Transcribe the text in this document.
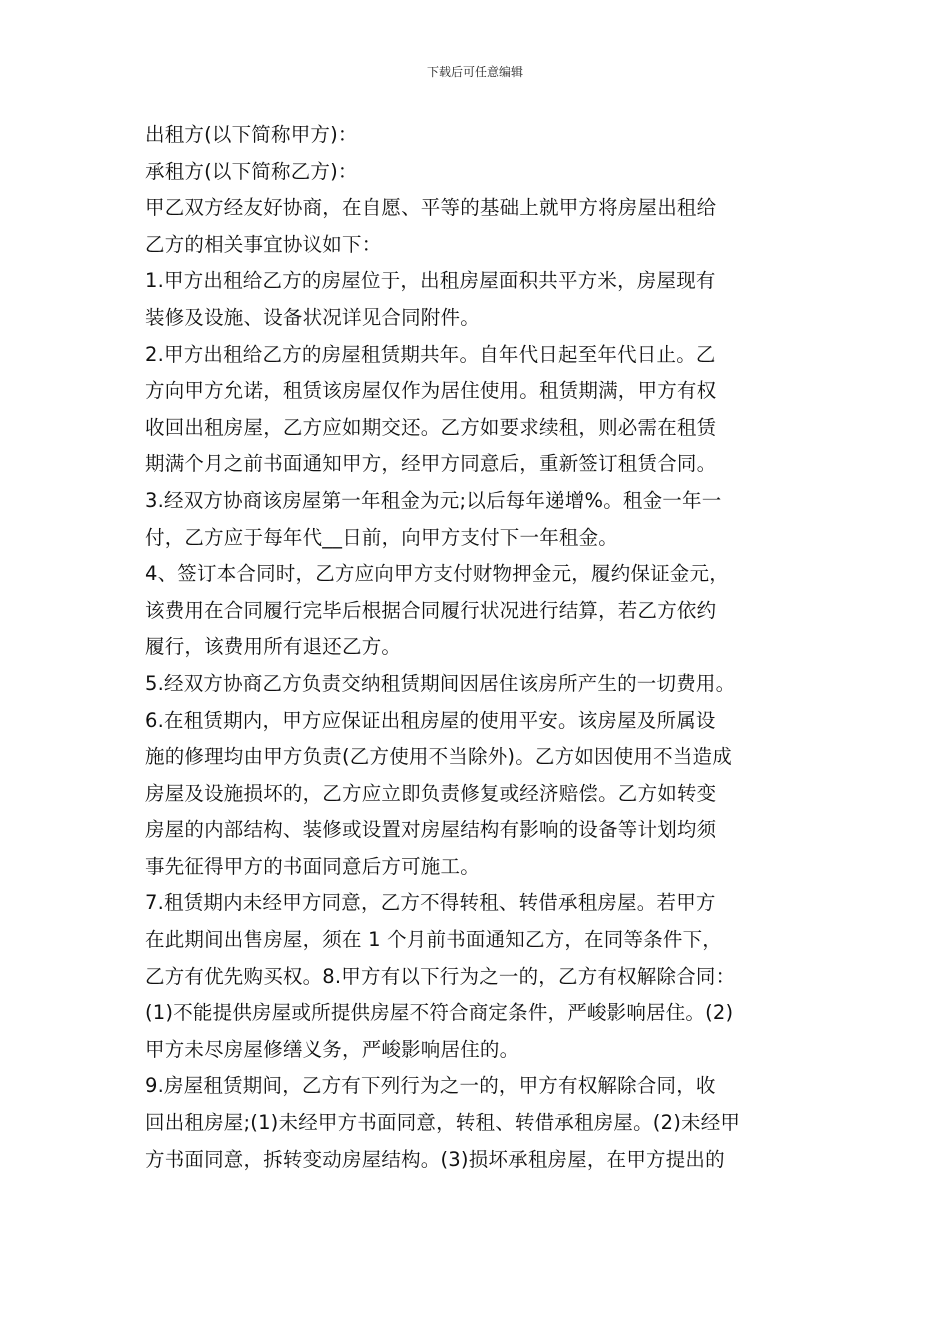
下载后可任意编辑
出租方(以下简称甲方)：
承租方(以下简称乙方)：
甲乙双方经友好协商，在自愿、平等的基础上就甲方将房屋出租给
乙方的相关事宜协议如下：
1.甲方出租给乙方的房屋位于，出租房屋面积共平方米，房屋现有
装修及设施、设备状况详见合同附件。
2.甲方出租给乙方的房屋租赁期共年。自年代日起至年代日止。乙
方向甲方允诺，租赁该房屋仅作为居住使用。租赁期满，甲方有权
收回出租房屋，乙方应如期交还。乙方如要求续租，则必需在租赁
期满个月之前书面通知甲方，经甲方同意后，重新签订租赁合同。
3.经双方协商该房屋第一年租金为元;以后每年递增%。租金一年一
付，乙方应于每年代__日前，向甲方支付下一年租金。
4、签订本合同时，乙方应向甲方支付财物押金元，履约保证金元，
该费用在合同履行完毕后根据合同履行状况进行结算，若乙方依约
履行，该费用所有退还乙方。
5.经双方协商乙方负责交纳租赁期间因居住该房所产生的一切费用。
6.在租赁期内，甲方应保证出租房屋的使用平安。该房屋及所属设
施的修理均由甲方负责(乙方使用不当除外)。乙方如因使用不当造成
房屋及设施损坏的，乙方应立即负责修复或经济赔偿。乙方如转变
房屋的内部结构、装修或设置对房屋结构有影响的设备等计划均须
事先征得甲方的书面同意后方可施工。
7.租赁期内未经甲方同意，乙方不得转租、转借承租房屋。若甲方
在此期间出售房屋，须在 1 个月前书面通知乙方，在同等条件下，
乙方有优先购买权。8.甲方有以下行为之一的，乙方有权解除合同：
(1)不能提供房屋或所提供房屋不符合商定条件，严峻影响居住。(2)
甲方未尽房屋修缮义务，严峻影响居住的。
9.房屋租赁期间，乙方有下列行为之一的，甲方有权解除合同，收
回出租房屋;(1)未经甲方书面同意，转租、转借承租房屋。(2)未经甲
方书面同意，拆转变动房屋结构。(3)损坏承租房屋，在甲方提出的
